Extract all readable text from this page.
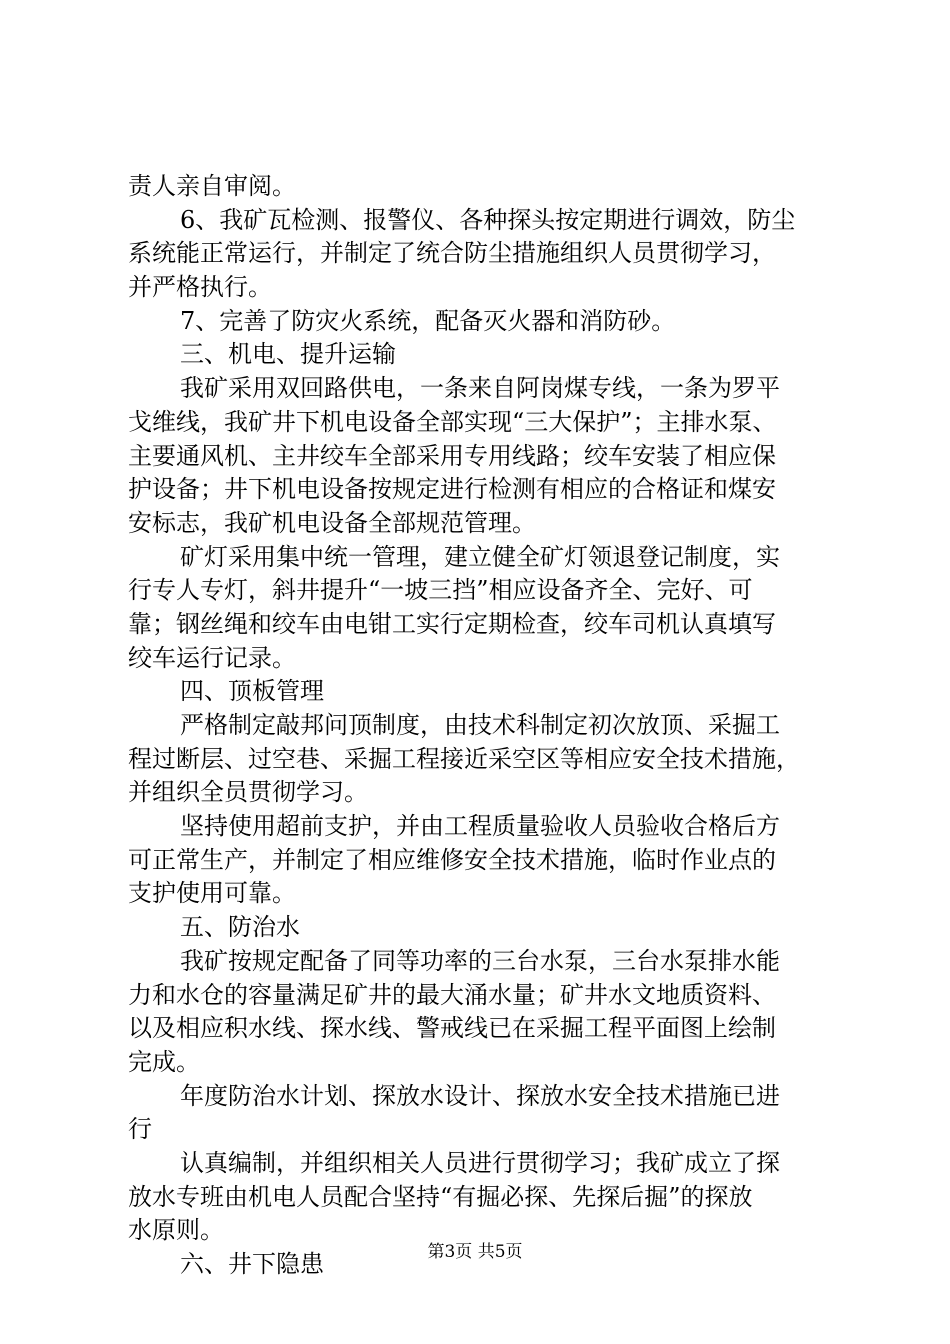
责人亲自审阅。
6、我矿瓦检测、报警仪、各种探头按定期进行调效，防尘
系统能正常运行，并制定了统合防尘措施组织人员贯彻学习，
并严格执行。
7、完善了防灾火系统，配备灭火器和消防砂。
三、机电、提升运输
我矿采用双回路供电，一条来自阿岗煤专线，一条为罗平
戈维线，我矿井下机电设备全部实现“三大保护”；主排水泵、
主要通风机、主井绞车全部采用专用线路；绞车安装了相应保
护设备；井下机电设备按规定进行检测有相应的合格证和煤安
安标志，我矿机电设备全部规范管理。
矿灯采用集中统一管理，建立健全矿灯领退登记制度，实
行专人专灯，斜井提升“一坡三挡”相应设备齐全、完好、可
靠；钢丝绳和绞车由电钳工实行定期检查，绞车司机认真填写
绞车运行记录。
四、顶板管理
严格制定敲邦问顶制度，由技术科制定初次放顶、采掘工
程过断层、过空巷、采掘工程接近采空区等相应安全技术措施，
并组织全员贯彻学习。
坚持使用超前支护，并由工程质量验收人员验收合格后方
可正常生产，并制定了相应维修安全技术措施，临时作业点的
支护使用可靠。
五、防治水
我矿按规定配备了同等功率的三台水泵，三台水泵排水能
力和水仓的容量满足矿井的最大涌水量；矿井水文地质资料、
以及相应积水线、探水线、警戒线已在采掘工程平面图上绘制
完成。
年度防治水计划、探放水设计、探放水安全技术措施已进
行
认真编制，并组织相关人员进行贯彻学习；我矿成立了探
放水专班由机电人员配合坚持“有掘必探、先探后掘”的探放
水原则。
六、井下隐患	第3页 共5页
